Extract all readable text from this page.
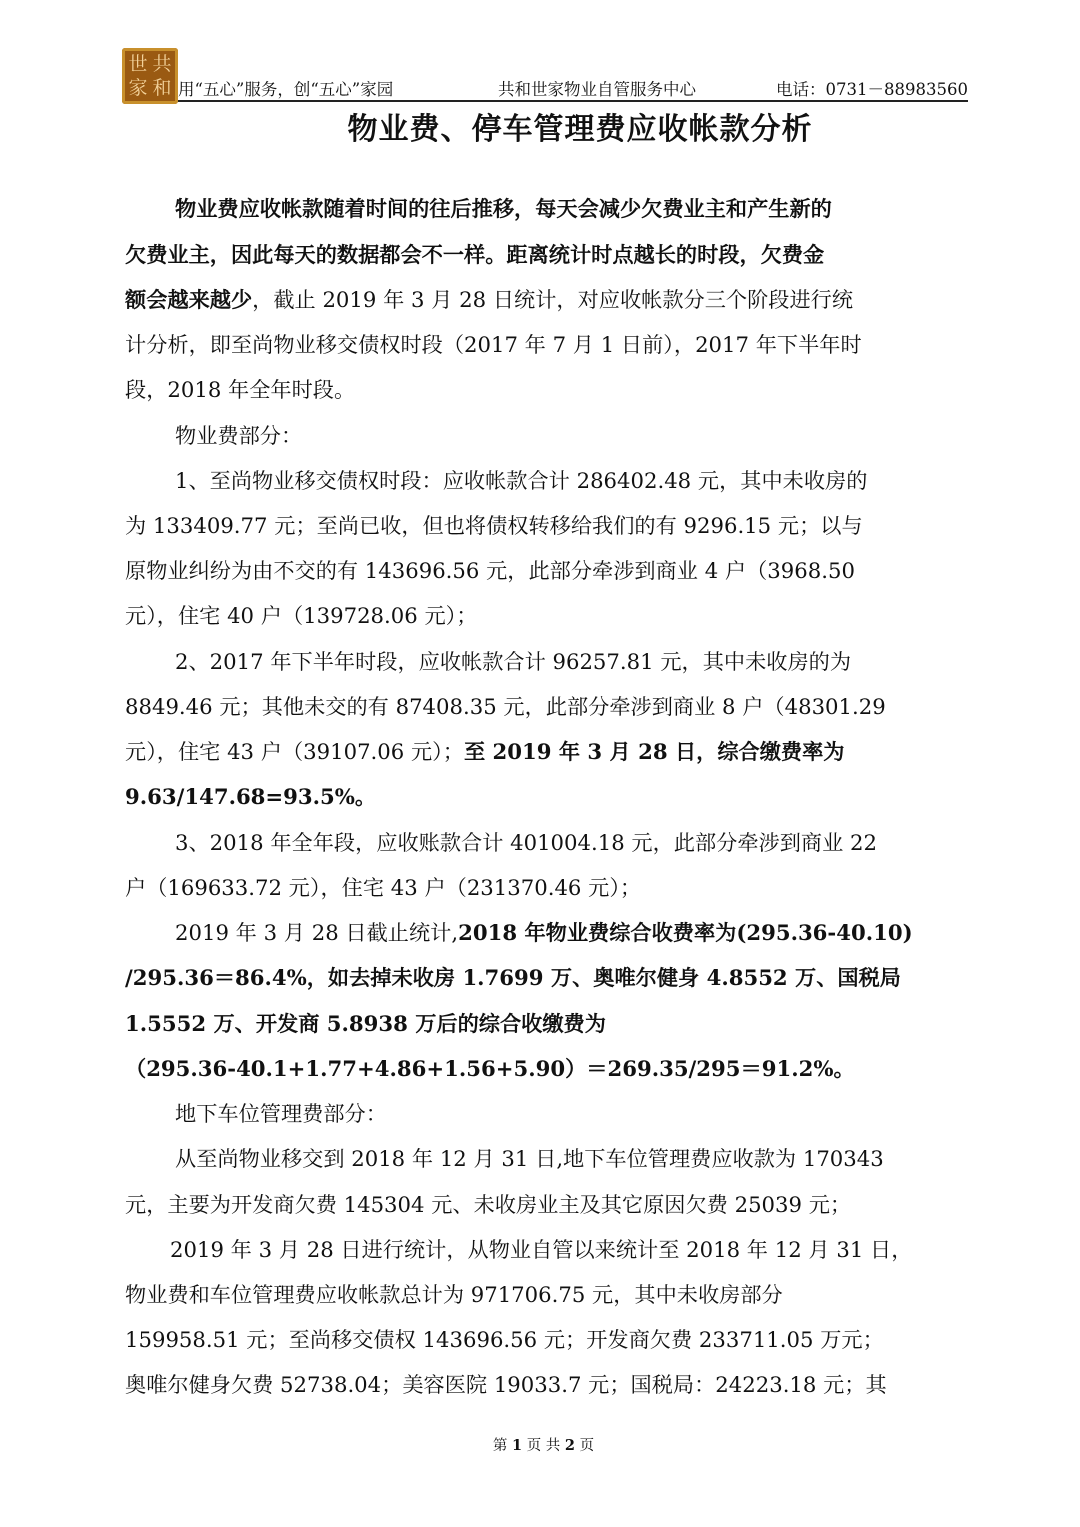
世 共
家 和 用“五心”服务，创“五心”家园	共和世家物业自管服务中心	电话：0731－88983560
物业费、停车管理费应收帐款分析
物业费应收帐款随着时间的往后推移，每天会减少欠费业主和产生新的
欠费业主，因此每天的数据都会不一样。距离统计时点越长的时段，欠费金
额会越来越少，截止 2019 年 3 月 28 日统计，对应收帐款分三个阶段进行统
计分析，即至尚物业移交债权时段（2017 年 7 月 1 日前），2017 年下半年时
段，2018 年全年时段。
物业费部分：
1、至尚物业移交债权时段：应收帐款合计 286402.48 元，其中未收房的
为 133409.77 元；至尚已收，但也将债权转移给我们的有 9296.15 元；以与
原物业纠纷为由不交的有 143696.56 元，此部分牵涉到商业 4 户（3968.50
元），住宅 40 户（139728.06 元）；
2、2017 年下半年时段，应收帐款合计 96257.81 元，其中未收房的为
8849.46 元；其他未交的有 87408.35 元，此部分牵涉到商业 8 户（48301.29
元），住宅 43 户（39107.06 元）；至 2019 年 3 月 28 日，综合缴费率为
9.63/147.68=93.5%。
3、2018 年全年段，应收账款合计 401004.18 元，此部分牵涉到商业 22
户（169633.72 元），住宅 43 户（231370.46 元）；
2019 年 3 月 28 日截止统计,2018 年物业费综合收费率为(295.36-40.10)
/295.36＝86.4%，如去掉未收房 1.7699 万、奥唯尔健身 4.8552 万、国税局
1.5552 万、开发商 5.8938 万后的综合收缴费为
（295.36-40.1+1.77+4.86+1.56+5.90）＝269.35/295＝91.2%。
地下车位管理费部分：
从至尚物业移交到 2018 年 12 月 31 日,地下车位管理费应收款为 170343
元，主要为开发商欠费 145304 元、未收房业主及其它原因欠费 25039 元；
2019 年 3 月 28 日进行统计，从物业自管以来统计至 2018 年 12 月 31 日，
物业费和车位管理费应收帐款总计为 971706.75 元，其中未收房部分
159958.51 元；至尚移交债权 143696.56 元；开发商欠费 233711.05 万元；
奥唯尔健身欠费 52738.04；美容医院 19033.7 元；国税局：24223.18 元；其
第 1 页 共 2 页
